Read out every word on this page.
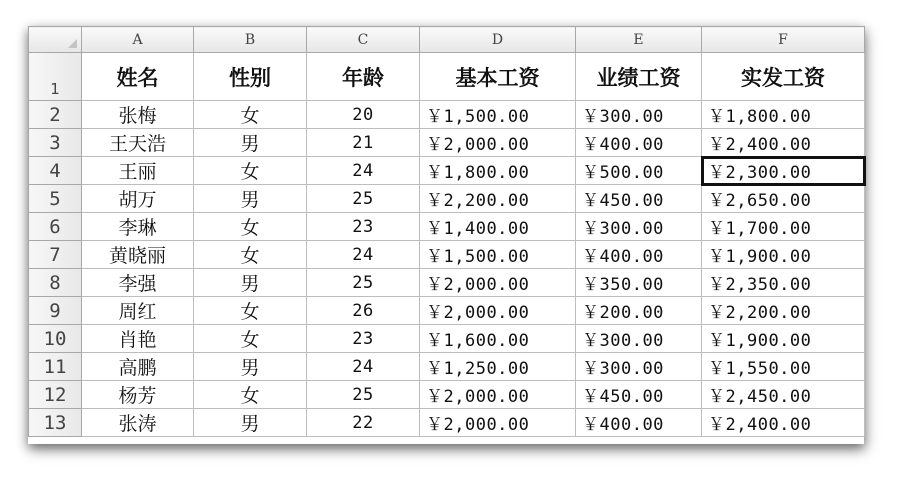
	A	B	C	D	E	F
1	姓名	性别	年龄	基本工资	业绩工资	实发工资
2	张梅	女	20	￥1,500.00	￥300.00	￥1,800.00
3	王天浩	男	21	￥2,000.00	￥400.00	￥2,400.00
4	王丽	女	24	￥1,800.00	￥500.00	￥2,300.00
5	胡万	男	25	￥2,200.00	￥450.00	￥2,650.00
6	李琳	女	23	￥1,400.00	￥300.00	￥1,700.00
7	黄晓丽	女	24	￥1,500.00	￥400.00	￥1,900.00
8	李强	男	25	￥2,000.00	￥350.00	￥2,350.00
9	周红	女	26	￥2,000.00	￥200.00	￥2,200.00
10	肖艳	女	23	￥1,600.00	￥300.00	￥1,900.00
11	高鹏	男	24	￥1,250.00	￥300.00	￥1,550.00
12	杨芳	女	25	￥2,000.00	￥450.00	￥2,450.00
13	张涛	男	22	￥2,000.00	￥400.00	￥2,400.00
